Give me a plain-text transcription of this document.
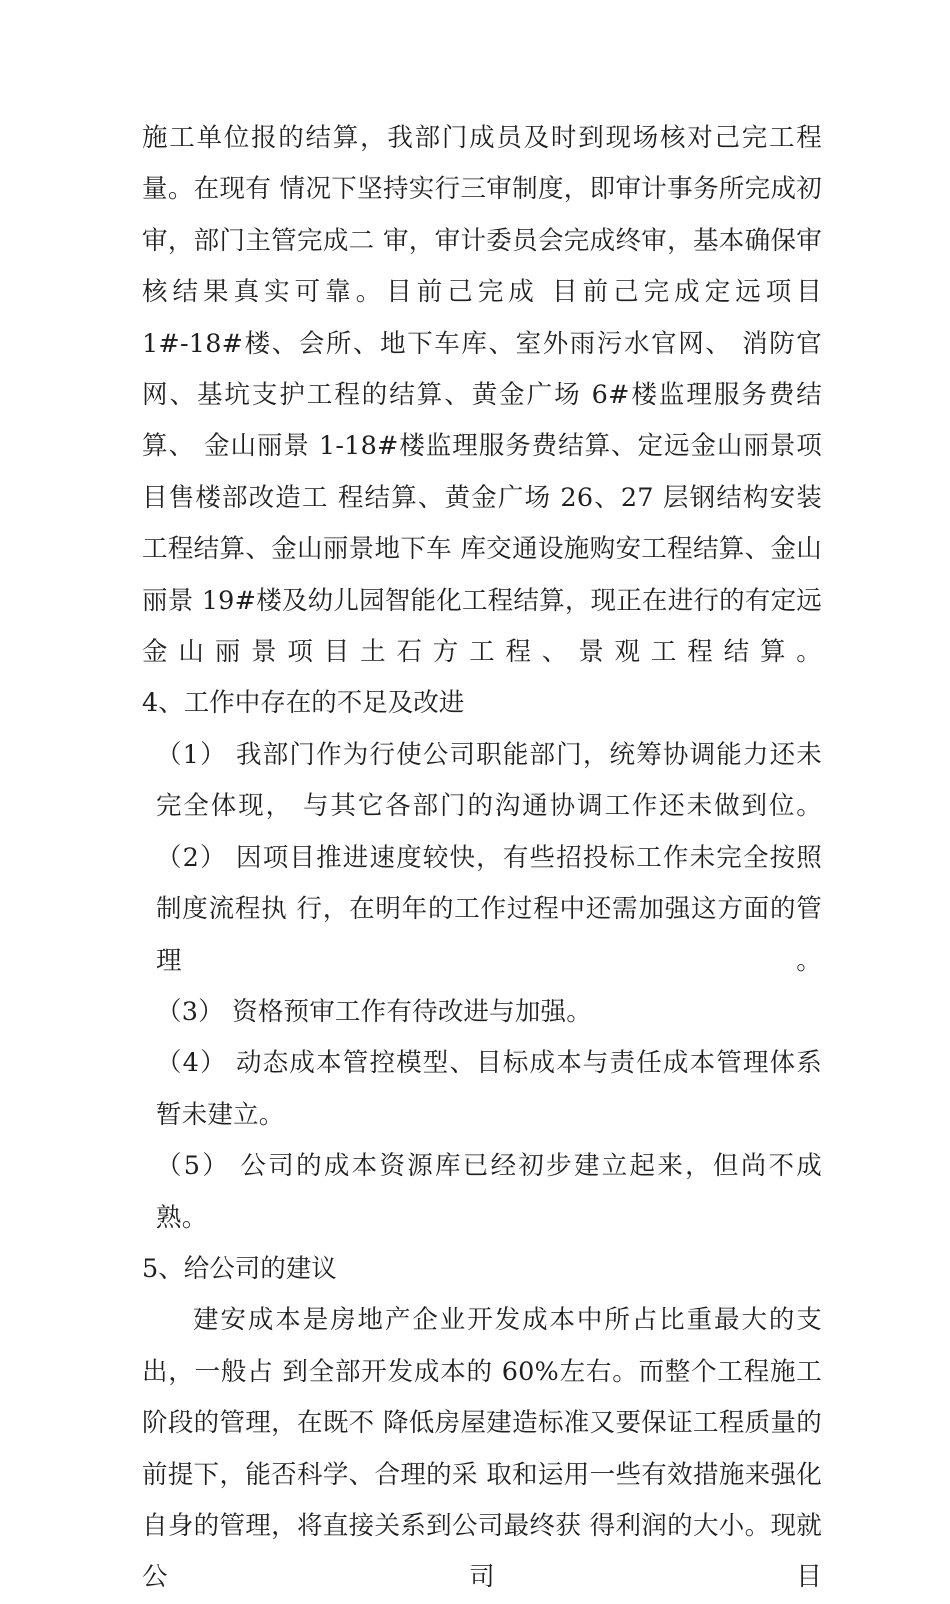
施工单位报的结算，我部门成员及时到现场核对己完工程量。在现有 情况下坚持实行三审制度，即审计事务所完成初审，部门主管完成二 审，审计委员会完成终审，基本确保审核结果真实可靠。目前己完成 目前己完成定远项目 1#-18#楼、会所、地下车库、室外雨污水官网、 消防官网、基坑支护工程的结算、黄金广场 6#楼监理服务费结算、 金山丽景 1-18#楼监理服务费结算、定远金山丽景项目售楼部改造工 程结算、黄金广场 26、27 层钢结构安装工程结算、金山丽景地下车 库交通设施购安工程结算、金山丽景 19#楼及幼儿园智能化工程结算，现正在进行的有定远金山丽景项目土石方工程、景观工程结算。

4、工作中存在的不足及改进

（1） 我部门作为行使公司职能部门，统筹协调能力还未完全体现， 与其它各部门的沟通协调工作还未做到位。

（2） 因项目推进速度较快，有些招投标工作未完全按照制度流程执 行，在明年的工作过程中还需加强这方面的管理。

（3） 资格预审工作有待改进与加强。

（4） 动态成本管控模型、目标成本与责任成本管理体系暂未建立。

（5） 公司的成本资源库已经初步建立起来，但尚不成熟。

5、给公司的建议

建安成本是房地产企业开发成本中所占比重最大的支出，一般占 到全部开发成本的 60%左右。而整个工程施工阶段的管理，在既不 降低房屋建造标准又要保证工程质量的前提下，能否科学、合理的采 取和运用一些有效措施来强化自身的管理，将直接关系到公司最终获 得利润的大小。现就公司目
